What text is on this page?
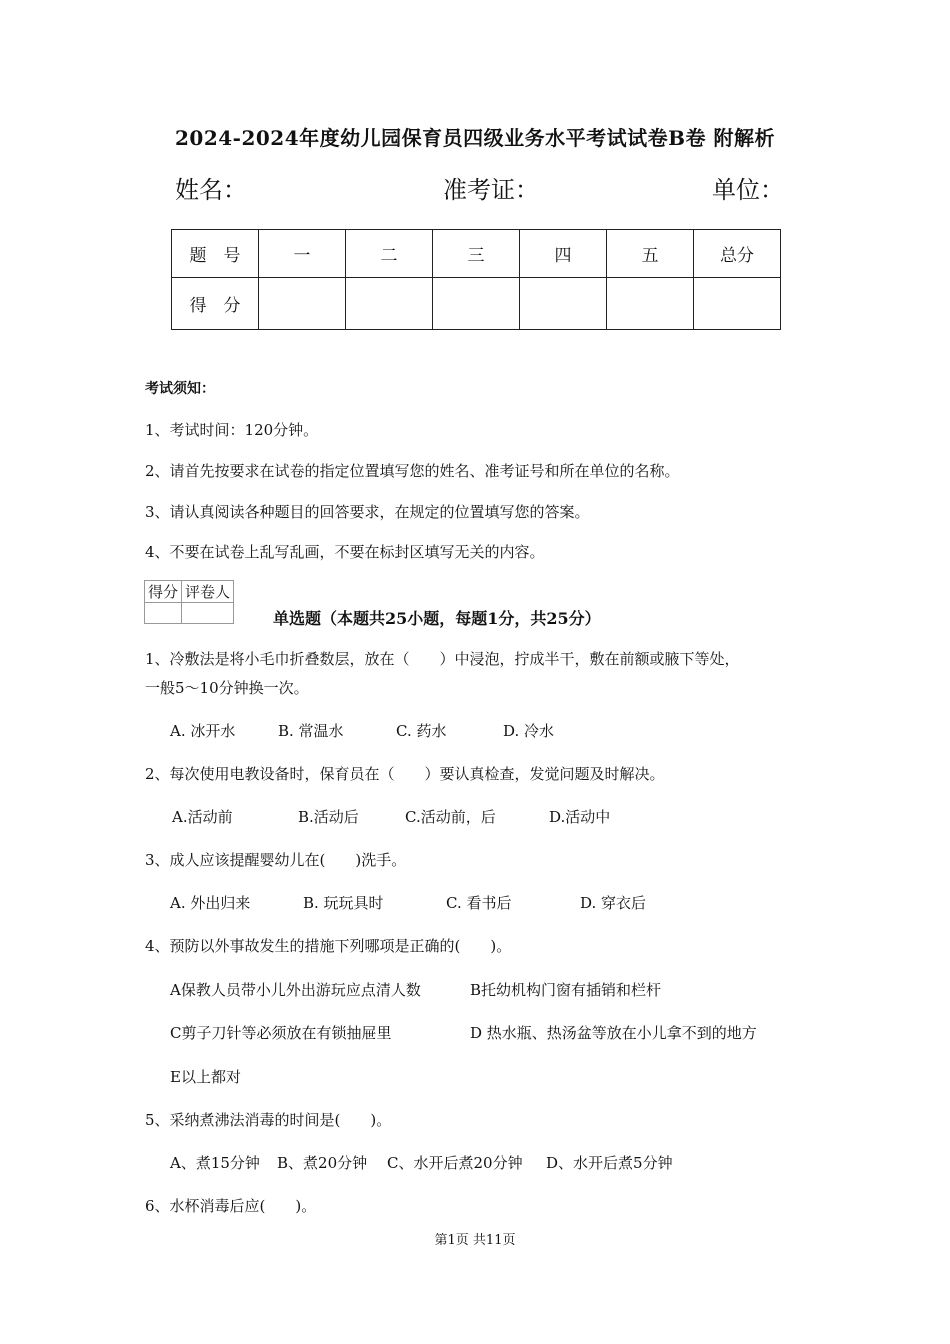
2024-2024年度幼儿园保育员四级业务水平考试试卷B卷 附解析
姓名：	准考证：	单位：
题　号	一	二	三	四	五	总分
得　分						
考试须知：
1、考试时间：120分钟。
2、请首先按要求在试卷的指定位置填写您的姓名、准考证号和所在单位的名称。
3、请认真阅读各种题目的回答要求，在规定的位置填写您的答案。
4、不要在试卷上乱写乱画，不要在标封区填写无关的内容。
得分	评卷人

单选题（本题共25小题，每题1分，共25分）
1、冷敷法是将小毛巾折叠数层，放在（　　）中浸泡，拧成半干，敷在前额或腋下等处，
一般5～10分钟换一次。
A. 冰开水	B. 常温水	C. 药水	D. 冷水
2、每次使用电教设备时，保育员在（　　）要认真检查，发觉问题及时解决。
A.活动前	B.活动后	C.活动前，后	D.活动中
3、成人应该提醒婴幼儿在(　　)洗手。
A. 外出归来	B. 玩玩具时	C. 看书后	D. 穿衣后
4、预防以外事故发生的措施下列哪项是正确的(　　)。
A保教人员带小儿外出游玩应点清人数	B托幼机构门窗有插销和栏杆
C剪子刀针等必须放在有锁抽屉里	D 热水瓶、热汤盆等放在小儿拿不到的地方
E以上都对
5、采纳煮沸法消毒的时间是(　　)。
A、煮15分钟 B、煮20分钟 C、水开后煮20分钟 D、水开后煮5分钟
6、水杯消毒后应(　　)。
第1页 共11页
